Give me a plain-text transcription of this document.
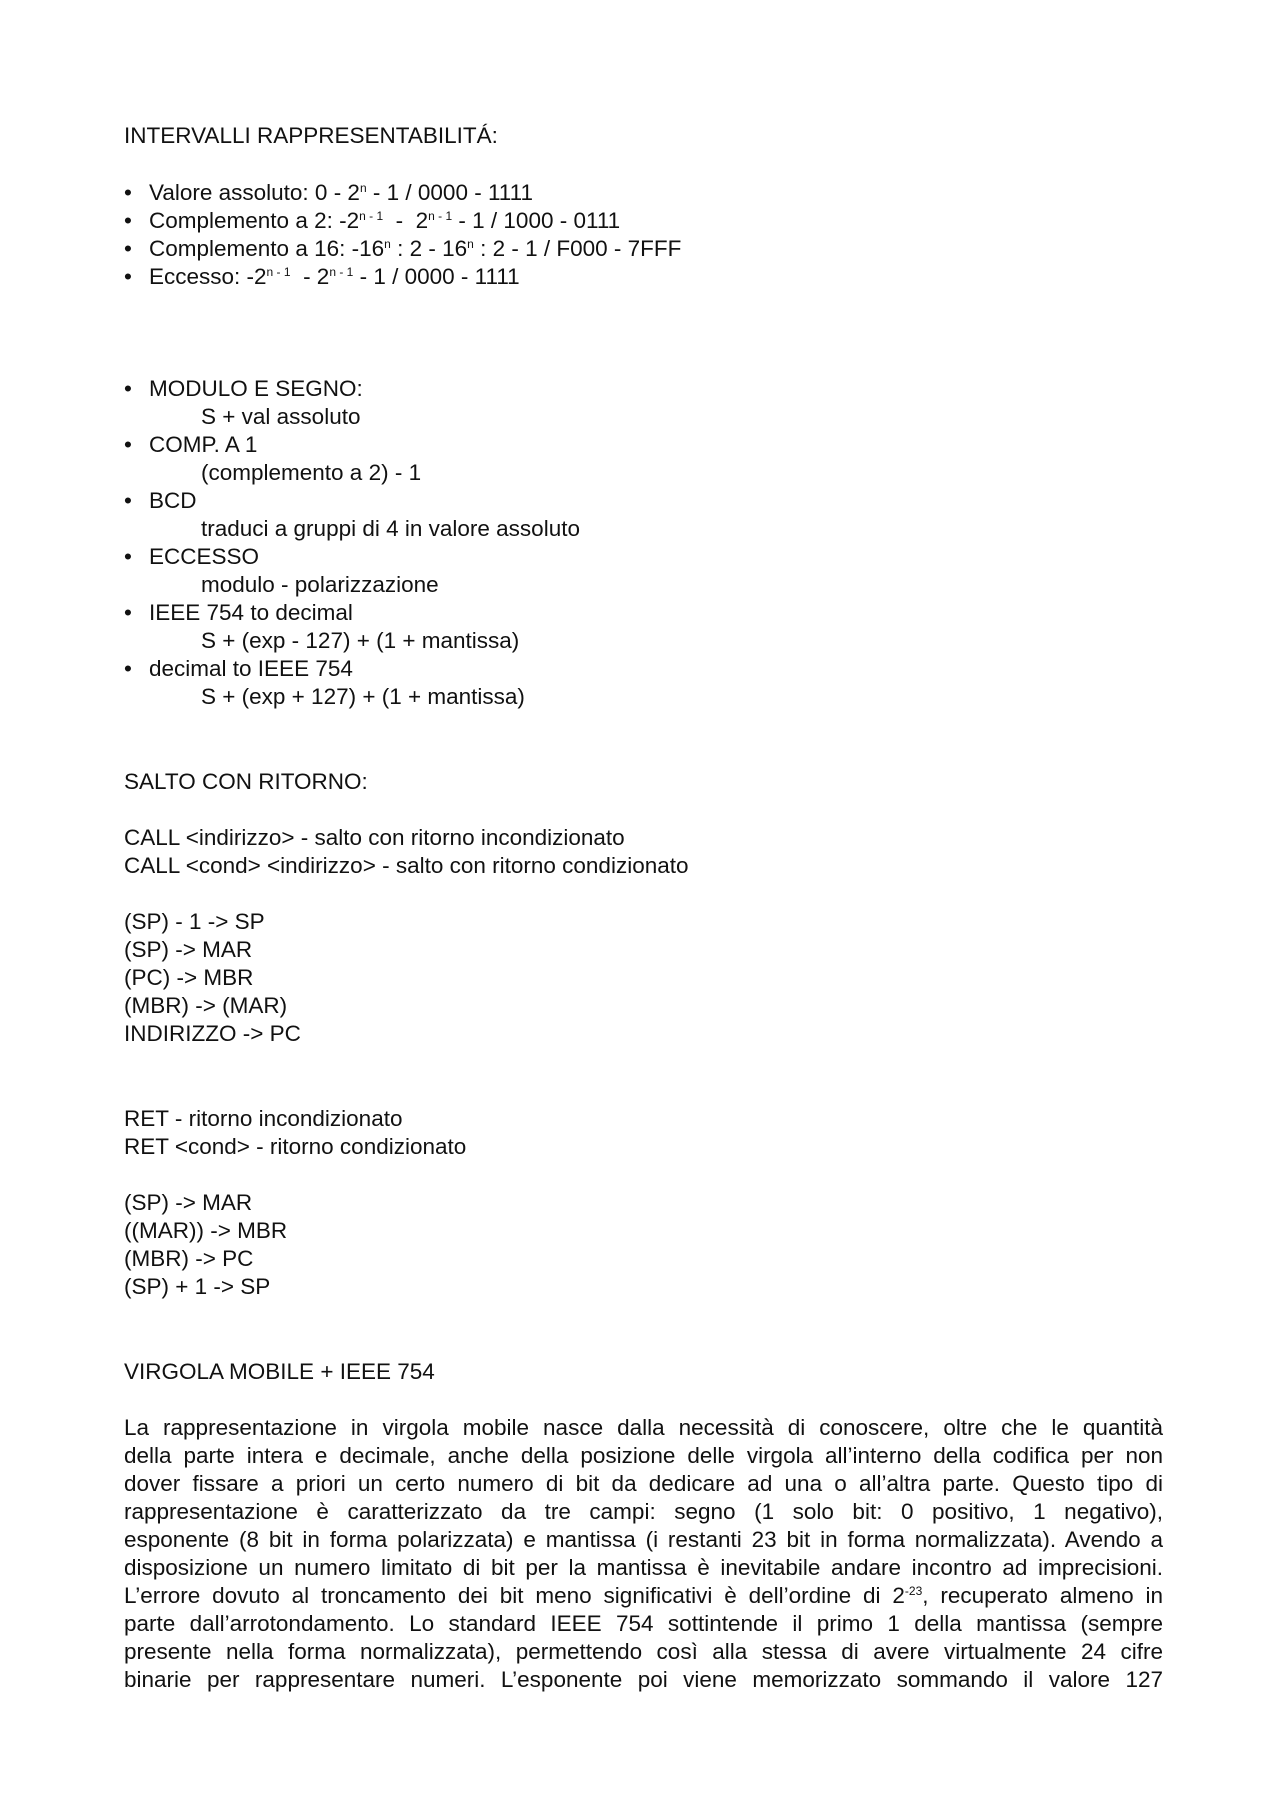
INTERVALLI RAPPRESENTABILITÁ:
• Valore assoluto: 0 - 2$^n$ - 1 / 0000 - 1111
• Complemento a 2: -2$^{n - 1}$  -  2$^{n - 1}$ - 1 / 1000 - 0111
• Complemento a 16: -16$^n$ : 2 - 16$^n$ : 2 - 1 / F000 - 7FFF
• Eccesso: -2$^{n - 1}$  - 2$^{n - 1}$ - 1 / 0000 - 1111
• MODULO E SEGNO:
S + val assoluto
• COMP. A 1
(complemento a 2) - 1
• BCD
traduci a gruppi di 4 in valore assoluto
• ECCESSO
modulo - polarizzazione
• IEEE 754 to decimal
S + (exp - 127) + (1 + mantissa)
• decimal to IEEE 754
S + (exp + 127) + (1 + mantissa)
SALTO CON RITORNO:
CALL <indirizzo> - salto con ritorno incondizionato
CALL <cond> <indirizzo> - salto con ritorno condizionato
(SP) - 1 -> SP
(SP) -> MAR
(PC) -> MBR
(MBR) -> (MAR)
INDIRIZZO -> PC
RET - ritorno incondizionato
RET <cond> - ritorno condizionato
(SP) -> MAR
((MAR)) -> MBR
(MBR) -> PC
(SP) + 1 -> SP
VIRGOLA MOBILE + IEEE 754
La rappresentazione in virgola mobile nasce dalla necessità di conoscere, oltre che le quantità
della parte intera e decimale, anche della posizione delle virgola all’interno della codifica per non
dover fissare a priori un certo numero di bit da dedicare ad una o all’altra parte. Questo tipo di
rappresentazione è caratterizzato da tre campi: segno (1 solo bit: 0 positivo, 1 negativo),
esponente (8 bit in forma polarizzata) e mantissa (i restanti 23 bit in forma normalizzata). Avendo a
disposizione un numero limitato di bit per la mantissa è inevitabile andare incontro ad imprecisioni.
L’errore dovuto al troncamento dei bit meno significativi è dell’ordine di $2^{-23}$, recuperato almeno in
parte dall’arrotondamento. Lo standard IEEE 754 sottintende il primo 1 della mantissa (sempre
presente nella forma normalizzata), permettendo così alla stessa di avere virtualmente 24 cifre
binarie per rappresentare numeri. L’esponente poi viene memorizzato sommando il valore 127
